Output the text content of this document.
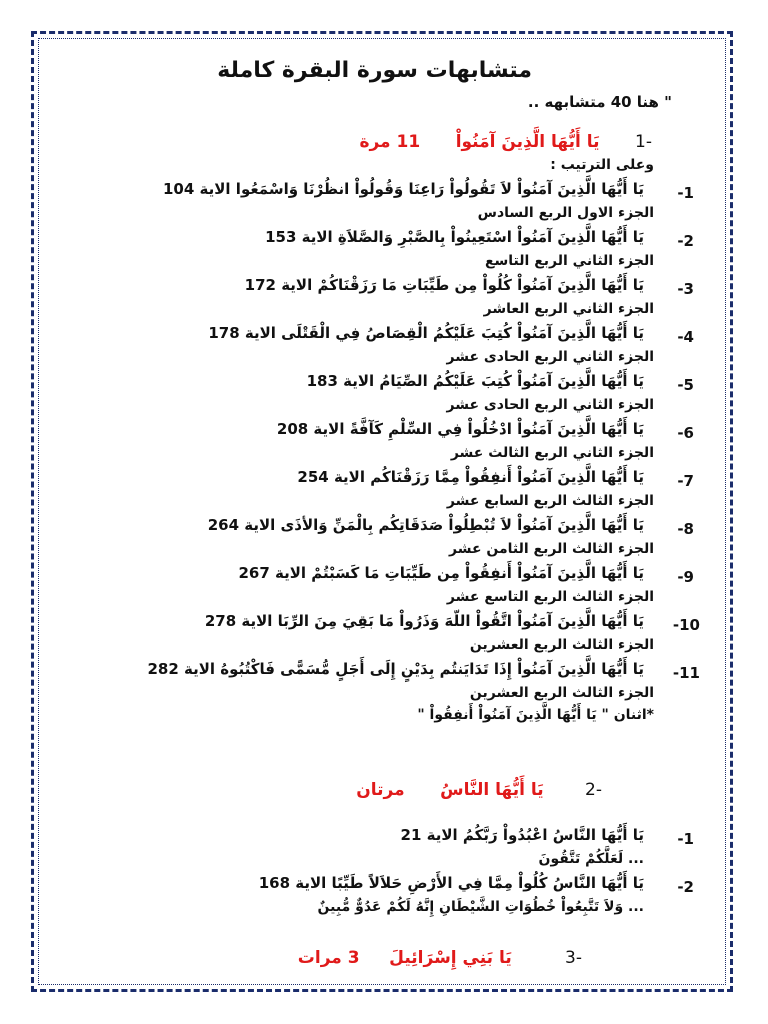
متشابهات سورة البقرة كاملة
" هنا 40 متشابهه ..
-1      يَا أَيُّهَا الَّذِينَ آمَنُواْ      11 مرة
وعلى الترتيب :
-1
يَا أَيُّهَا الَّذِينَ آمَنُواْ لاَ تَقُولُواْ رَاعِنَا وَقُولُواْ انظُرْنَا وَاسْمَعُوا الاية 104
الجزء الاول الربع السادس
-2
يَا أَيُّهَا الَّذِينَ آمَنُواْ اسْتَعِينُواْ بِالصَّبْرِ وَالصَّلاَةِ الاية 153
الجزء الثاني الربع التاسع
-3
يَا أَيُّهَا الَّذِينَ آمَنُواْ كُلُواْ مِن طَيِّبَاتِ مَا رَزَقْنَاكُمْ الاية 172
الجزء الثاني الربع العاشر
-4
يَا أَيُّهَا الَّذِينَ آمَنُواْ كُتِبَ عَلَيْكُمُ الْقِصَاصُ فِي الْقَتْلَى الاية 178
الجزء الثاني الربع الحادى عشر
-5
يَا أَيُّهَا الَّذِينَ آمَنُواْ كُتِبَ عَلَيْكُمُ الصِّيَامُ الاية 183
الجزء الثاني الربع الحادى عشر
-6
يَا أَيُّهَا الَّذِينَ آمَنُواْ ادْخُلُواْ فِي السِّلْمِ كَآفَّةً الاية 208
الجزء الثاني الربع الثالث عشر
-7
يَا أَيُّهَا الَّذِينَ آمَنُواْ أَنفِقُواْ مِمَّا رَزَقْنَاكُم الاية 254
الجزء الثالث الربع السابع عشر
-8
يَا أَيُّهَا الَّذِينَ آمَنُواْ لاَ تُبْطِلُواْ صَدَقَاتِكُم بِالْمَنِّ وَالأذَى الاية 264
الجزء الثالث الربع الثامن عشر
-9
يَا أَيُّهَا الَّذِينَ آمَنُواْ أَنفِقُواْ مِن طَيِّبَاتِ مَا كَسَبْتُمْ الاية 267
الجزء الثالث الربع التاسع عشر
-10
يَا أَيُّهَا الَّذِينَ آمَنُواْ اتَّقُواْ اللّهَ وَذَرُواْ مَا بَقِيَ مِنَ الرِّبَا الاية 278
الجزء الثالث الربع العشرين
-11
يَا أَيُّهَا الَّذِينَ آمَنُواْ إِذَا تَدَايَنتُم بِدَيْنٍ إِلَى أَجَلٍ مُّسَمًّى فَاكْتُبُوهُ الاية 282
الجزء الثالث الربع العشرين
*اثنان " يَا أَيُّهَا الَّذِينَ آمَنُواْ أَنفِقُواْ "
-2       يَا أَيُّهَا النَّاسُ      مرتان
-1
يَا أَيُّهَا النَّاسُ اعْبُدُواْ رَبَّكُمُ الاية 21
... لَعَلَّكُمْ تَتَّقُونَ
-2
يَا أَيُّهَا النَّاسُ كُلُواْ مِمَّا فِي الأَرْضِ حَلاَلاً طَيِّبًا الاية 168
... وَلاَ تَتَّبِعُواْ خُطُوَاتِ الشَّيْطَانِ إِنَّهُ لَكُمْ عَدُوٌّ مُّبِينٌ
-3         يَا بَنِي إِسْرَائِيلَ     3 مرات
